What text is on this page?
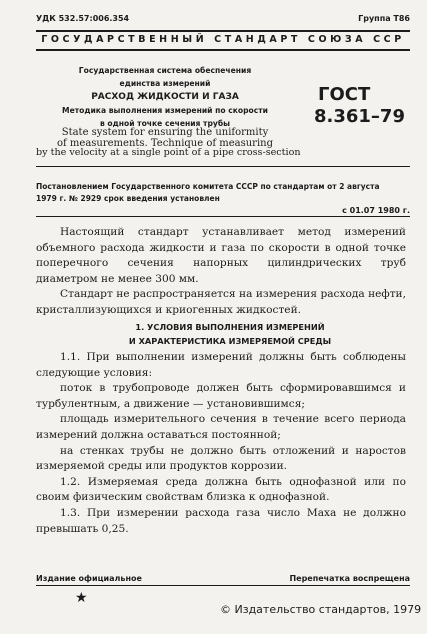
УДК 532.57:006.354	Группа Т86
ГОСУДАРСТВЕННЫЙ СТАНДАРТ СОЮЗА ССР
Государственная система обеспечения
единства измерений
РАСХОД ЖИДКОСТИ И ГАЗА
Методика выполнения измерений по скорости
в одной точке сечения трубы
State system for ensuring the uniformity
of measurements. Technique of measuring
by the velocity at a single point of a pipe cross-section
ГОСТ
8.361–79
Постановлением Государственного комитета СССР по стандартам от 2 августа
1979 г. № 2929 срок введения установлен
с 01.07 1980 г.

Настоящий стандарт устанавливает метод измерений объемного расхода жидкости и газа по скорости в одной точке поперечного сечения напорных цилиндрических труб диаметром не менее 300 мм.

Стандарт не распространяется на измерения расхода нефти, кристаллизующихся и криогенных жидкостей.

1. УСЛОВИЯ ВЫПОЛНЕНИЯ ИЗМЕРЕНИЙ
И ХАРАКТЕРИСТИКА ИЗМЕРЯЕМОЙ СРЕДЫ

1.1. При выполнении измерений должны быть соблюдены следующие условия:

поток в трубопроводе должен быть сформировавшимся и турбулентным, а движение — установившимся;

площадь измерительного сечения в течение всего периода измерений должна оставаться постоянной;

на стенках трубы не должно быть отложений и наростов измеряемой среды или продуктов коррозии.

1.2. Измеряемая среда должна быть однофазной или по своим физическим свойствам близка к однофазной.

1.3. При измерении расхода газа число Маха не должно превышать 0,25.

Издание официальное	Перепечатка воспрещена
★
© Издательство стандартов, 1979
